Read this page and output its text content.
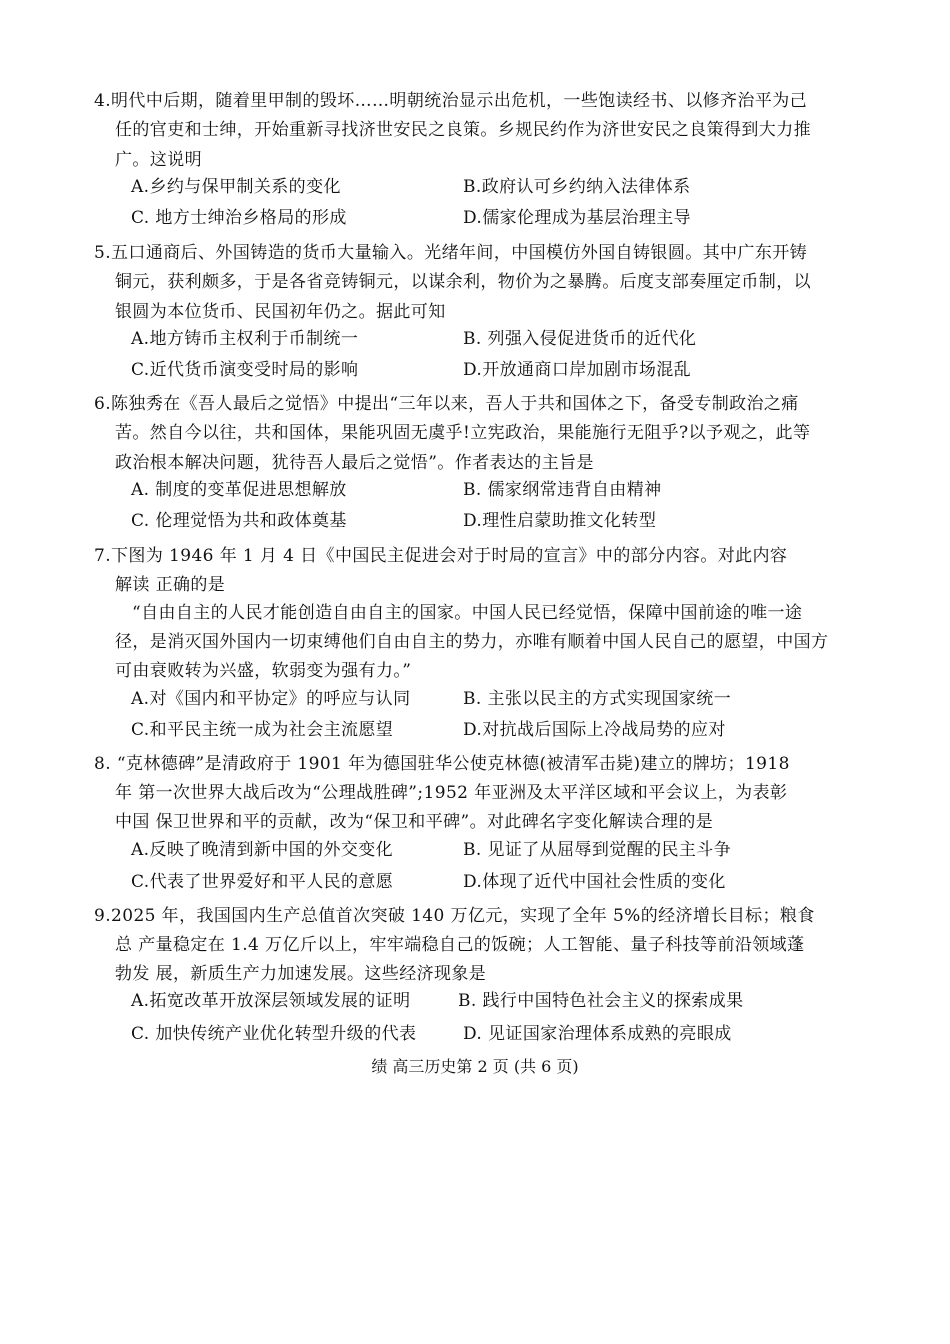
4.明代中后期，随着里甲制的毁坏……明朝统治显示出危机，一些饱读经书、以修齐治平为己
任的官吏和士绅，开始重新寻找济世安民之良策。乡规民约作为济世安民之良策得到大力推
广。这说明
A.乡约与保甲制关系的变化	B.政府认可乡约纳入法律体系
C. 地方士绅治乡格局的形成	D.儒家伦理成为基层治理主导
5.五口通商后、外国铸造的货币大量输入。光绪年间，中国模仿外国自铸银圆。其中广东开铸
铜元，获利颇多，于是各省竞铸铜元，以谋余利，物价为之暴腾。后度支部奏厘定币制，以
银圆为本位货币、民国初年仍之。据此可知
A.地方铸币主权利于币制统一	B. 列强入侵促进货币的近代化
C.近代货币演变受时局的影响	D.开放通商口岸加剧市场混乱
6.陈独秀在《吾人最后之觉悟》中提出“三年以来，吾人于共和国体之下，备受专制政治之痛
苦。然自今以往，共和国体，果能巩固无虞乎!立宪政治，果能施行无阻乎?以予观之，此等
政治根本解决问题，犹待吾人最后之觉悟”。作者表达的主旨是
A. 制度的变革促进思想解放	B. 儒家纲常违背自由精神
C. 伦理觉悟为共和政体奠基	D.理性启蒙助推文化转型
7.下图为 1946 年 1 月 4 日《中国民主促进会对于时局的宣言》中的部分内容。对此内容
解读 正确的是
“自由自主的人民才能创造自由自主的国家。中国人民已经觉悟，保障中国前途的唯一途
径，是消灭国外国内一切束缚他们自由自主的势力，亦唯有顺着中国人民自己的愿望，中国方
可由衰败转为兴盛，软弱变为强有力。”
A.对《国内和平协定》的呼应与认同	B. 主张以民主的方式实现国家统一
C.和平民主统一成为社会主流愿望	D.对抗战后国际上冷战局势的应对
8. “克林德碑”是清政府于 1901 年为德国驻华公使克林德(被清军击毙)建立的牌坊；1918
年 第一次世界大战后改为“公理战胜碑”;1952 年亚洲及太平洋区域和平会议上，为表彰
中国 保卫世界和平的贡献，改为“保卫和平碑”。对此碑名字变化解读合理的是
A.反映了晚清到新中国的外交变化	B. 见证了从屈辱到觉醒的民主斗争
C.代表了世界爱好和平人民的意愿	D.体现了近代中国社会性质的变化
9.2025 年，我国国内生产总值首次突破 140 万亿元，实现了全年 5%的经济增长目标；粮食
总 产量稳定在 1.4 万亿斤以上，牢牢端稳自己的饭碗；人工智能、量子科技等前沿领域蓬
勃发 展，新质生产力加速发展。这些经济现象是
A.拓宽改革开放深层领域发展的证明	B. 践行中国特色社会主义的探索成果
C. 加快传统产业优化转型升级的代表	D. 见证国家治理体系成熟的亮眼成
绩 高三历史第 2 页 (共 6 页)
